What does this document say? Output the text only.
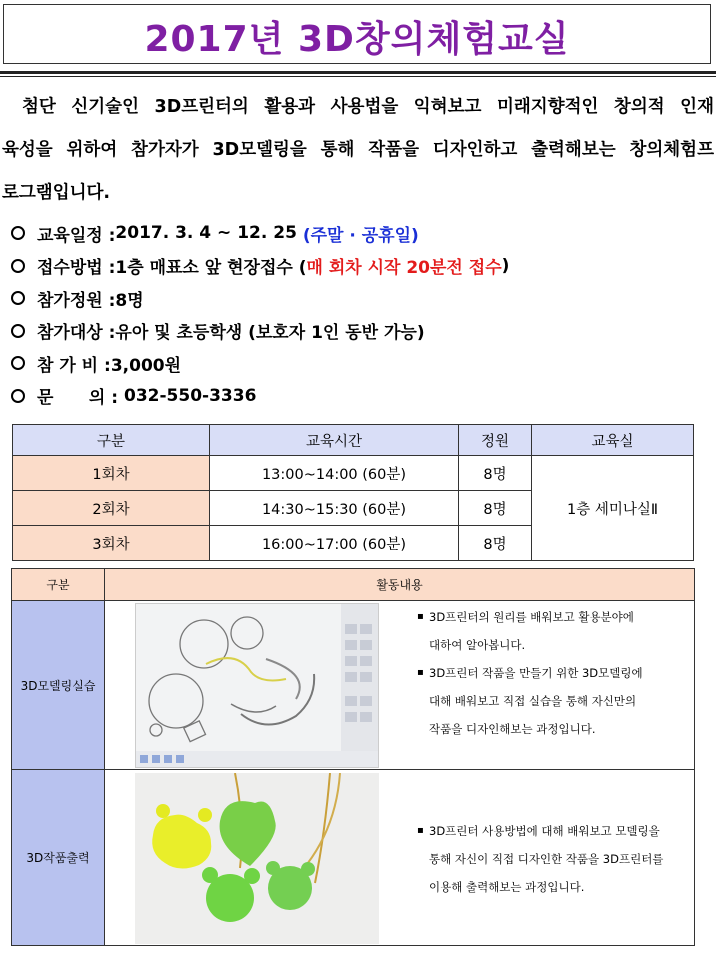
2017년 3D창의체험교실
첨단 신기술인 3D프린터의 활용과 사용법을 익혀보고 미래지향적인 창의적 인재
육성을 위하여 참가자가 3D모델링을 통해 작품을 디자인하고 출력해보는 창의체험프
로그램입니다.
교육일정 : 2017. 3. 4 ~ 12. 25 (주말 · 공휴일)
접수방법 : 1층 매표소 앞 현장접수 ( 매 회차 시작 20분전 접수 )
참가정원 : 8명
참가대상 : 유아 및 초등학생 (보호자 1인 동반 가능)
참 가 비 : 3,000원
문      의 : 032-550-3336
구분	교육시간	정원	교육실
1회차	13:00~14:00 (60분)	8명	1층 세미나실Ⅱ
2회차	14:30~15:30 (60분)	8명	
3회차	16:00~17:00 (60분)	8명	
구분	활동내용
3D모델링실습	▪ 3D프린터의 원리를 배워보고 활용분야에
대하여 알아봅니다.
▪ 3D프린터 작품을 만들기 위한 3D모델링에
대해 배워보고 직접 실습을 통해 자신만의
작품을 디자인해보는 과정입니다.

3D작품출력	▪ 3D프린터 사용방법에 대해 배워보고 모델링을
통해 자신이 직접 디자인한 작품을 3D프린터를
이용해 출력해보는 과정입니다.
